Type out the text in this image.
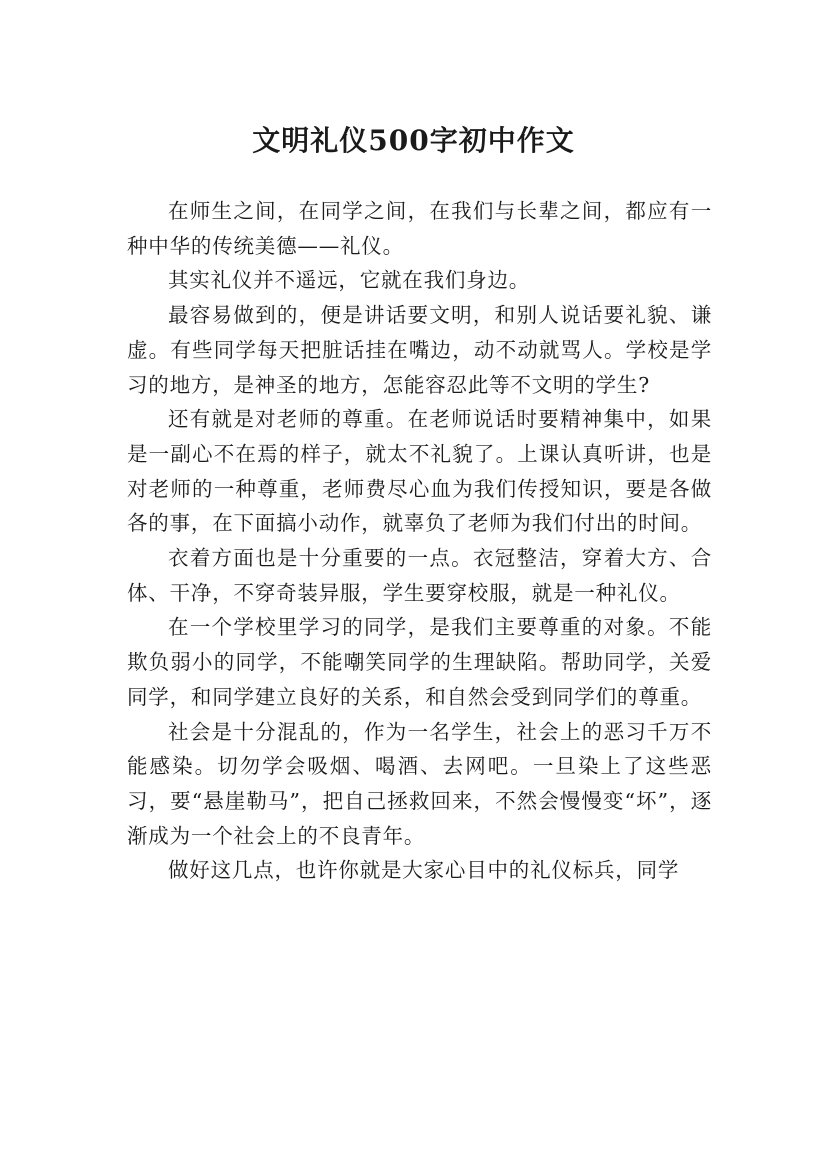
文明礼仪500字初中作文

在师生之间，在同学之间，在我们与长辈之间，都应有一种中华的传统美德——礼仪。

其实礼仪并不遥远，它就在我们身边。

最容易做到的，便是讲话要文明，和别人说话要礼貌、谦虚。有些同学每天把脏话挂在嘴边，动不动就骂人。学校是学习的地方，是神圣的地方，怎能容忍此等不文明的学生?

还有就是对老师的尊重。在老师说话时要精神集中，如果是一副心不在焉的样子，就太不礼貌了。上课认真听讲，也是对老师的一种尊重，老师费尽心血为我们传授知识，要是各做各的事，在下面搞小动作，就辜负了老师为我们付出的时间。

衣着方面也是十分重要的一点。衣冠整洁，穿着大方、合体、干净，不穿奇装异服，学生要穿校服，就是一种礼仪。

在一个学校里学习的同学，是我们主要尊重的对象。不能欺负弱小的同学，不能嘲笑同学的生理缺陷。帮助同学，关爱同学，和同学建立良好的关系，和自然会受到同学们的尊重。

社会是十分混乱的，作为一名学生，社会上的恶习千万不能感染。切勿学会吸烟、喝酒、去网吧。一旦染上了这些恶习，要“悬崖勒马”，把自己拯救回来，不然会慢慢变“坏”，逐渐成为一个社会上的不良青年。

做好这几点，也许你就是大家心目中的礼仪标兵，同学
